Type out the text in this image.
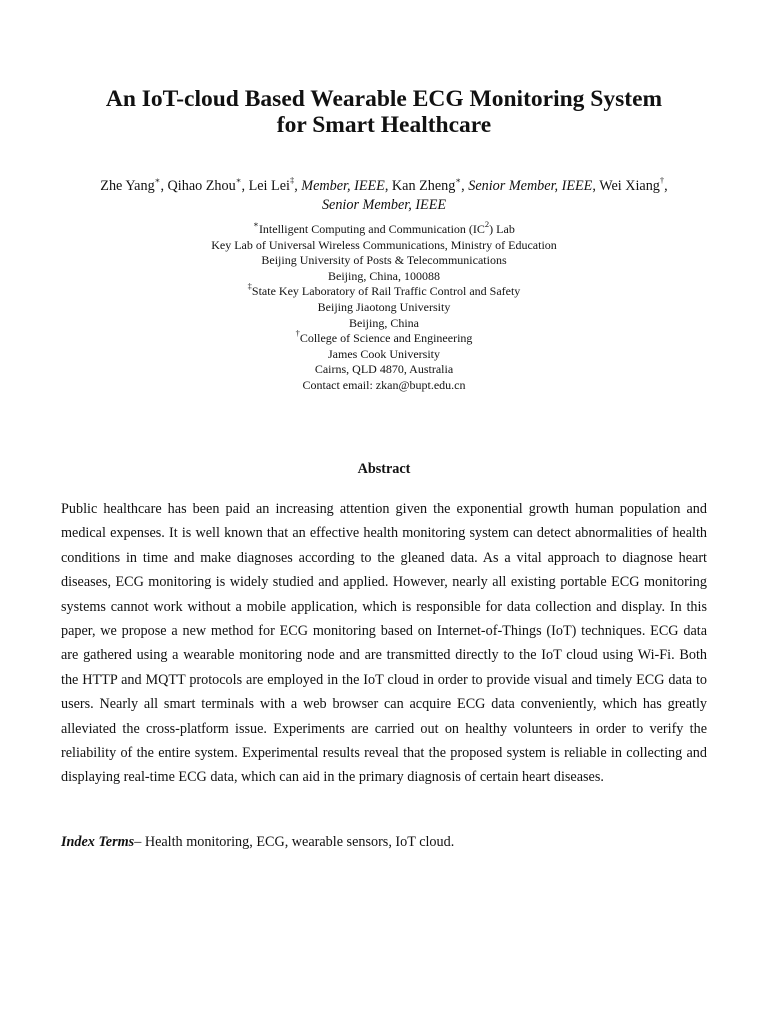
An IoT-cloud Based Wearable ECG Monitoring System
for Smart Healthcare
Zhe Yang∗, Qihao Zhou∗, Lei Lei‡, Member, IEEE, Kan Zheng∗, Senior Member, IEEE, Wei Xiang†,
Senior Member, IEEE
∗Intelligent Computing and Communication $(IC^2)$ Lab
Key Lab of Universal Wireless Communications, Ministry of Education
Beijing University of Posts & Telecommunications
Beijing, China, 100088
‡State Key Laboratory of Rail Traffic Control and Safety
Beijing Jiaotong University
Beijing, China
†College of Science and Engineering
James Cook University
Cairns, QLD 4870, Australia
Contact email: zkan@bupt.edu.cn
Abstract

Public healthcare has been paid an increasing attention given the exponential growth human population and medical expenses. It is well known that an effective health monitoring system can detect abnormalities of health conditions in time and make diagnoses according to the gleaned data. As a vital approach to diagnose heart diseases, ECG monitoring is widely studied and applied. However, nearly all existing portable ECG monitoring systems cannot work without a mobile application, which is responsible for data collection and display. In this paper, we propose a new method for ECG monitoring based on Internet-of-Things (IoT) techniques. ECG data are gathered using a wearable monitoring node and are transmitted directly to the IoT cloud using Wi-Fi. Both the HTTP and MQTT protocols are employed in the IoT cloud in order to provide visual and timely ECG data to users. Nearly all smart terminals with a web browser can acquire ECG data conveniently, which has greatly alleviated the cross-platform issue. Experiments are carried out on healthy volunteers in order to verify the reliability of the entire system. Experimental results reveal that the proposed system is reliable in collecting and displaying real-time ECG data, which can aid in the primary diagnosis of certain heart diseases.

Index Terms– Health monitoring, ECG, wearable sensors, IoT cloud.
